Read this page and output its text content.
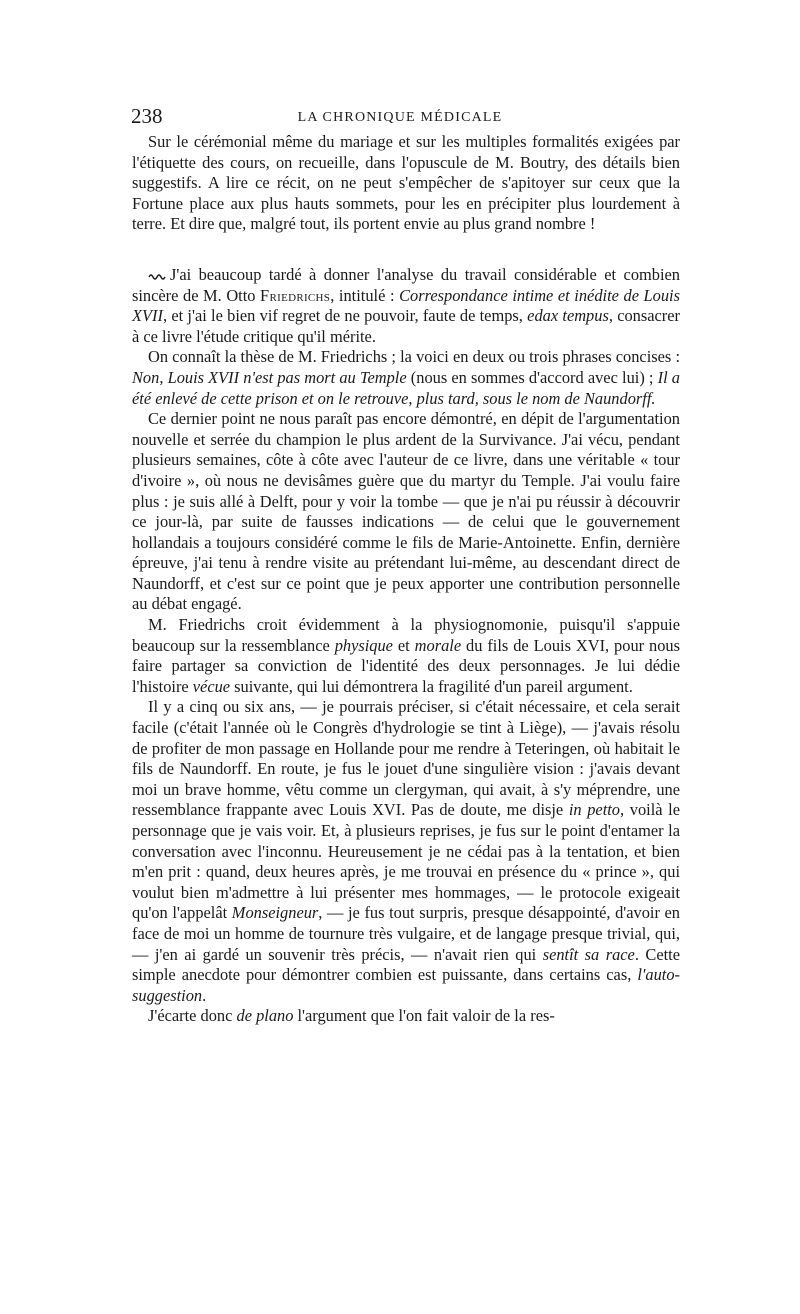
238	LA CHRONIQUE MÉDICALE

Sur le cérémonial même du mariage et sur les multiples formalités exigées par l'étiquette des cours, on recueille, dans l'opuscule de M. Boutry, des détails bien suggestifs. A lire ce récit, on ne peut s'empêcher de s'apitoyer sur ceux que la Fortune place aux plus hauts sommets, pour les en précipiter plus lourdement à terre. Et dire que, malgré tout, ils portent envie au plus grand nombre !

J'ai beaucoup tardé à donner l'analyse du travail considérable et combien sincère de M. Otto Friedrichs, intitulé : Correspondance intime et inédite de Louis XVII, et j'ai le bien vif regret de ne pouvoir, faute de temps, edax tempus, consacrer à ce livre l'étude critique qu'il mérite.

On connaît la thèse de M. Friedrichs ; la voici en deux ou trois phrases concises : Non, Louis XVII n'est pas mort au Temple (nous en sommes d'accord avec lui) ; Il a été enlevé de cette prison et on le retrouve, plus tard, sous le nom de Naundorff.

Ce dernier point ne nous paraît pas encore démontré, en dépit de l'argumentation nouvelle et serrée du champion le plus ardent de la Survivance. J'ai vécu, pendant plusieurs semaines, côte à côte avec l'auteur de ce livre, dans une véritable « tour d'ivoire », où nous ne devisâmes guère que du martyr du Temple. J'ai voulu faire plus : je suis allé à Delft, pour y voir la tombe — que je n'ai pu réussir à découvrir ce jour-là, par suite de fausses indications — de celui que le gouvernement hollandais a toujours considéré comme le fils de Marie-Antoinette. Enfin, dernière épreuve, j'ai tenu à rendre visite au prétendant lui-même, au descendant direct de Naundorff, et c'est sur ce point que je peux apporter une contribution personnelle au débat engagé.

M. Friedrichs croit évidemment à la physiognomonie, puisqu'il s'appuie beaucoup sur la ressemblance physique et morale du fils de Louis XVI, pour nous faire partager sa conviction de l'identité des deux personnages. Je lui dédie l'histoire vécue suivante, qui lui démontrera la fragilité d'un pareil argument.

Il y a cinq ou six ans, — je pourrais préciser, si c'était nécessaire, et cela serait facile (c'était l'année où le Congrès d'hydrologie se tint à Liège), — j'avais résolu de profiter de mon passage en Hollande pour me rendre à Teteringen, où habitait le fils de Naundorff. En route, je fus le jouet d'une singulière vision : j'avais devant moi un brave homme, vêtu comme un clergyman, qui avait, à s'y méprendre, une ressemblance frappante avec Louis XVI. Pas de doute, me disje in petto, voilà le personnage que je vais voir. Et, à plusieurs reprises, je fus sur le point d'entamer la conversation avec l'inconnu. Heureusement je ne cédai pas à la tentation, et bien m'en prit : quand, deux heures après, je me trouvai en présence du « prince », qui voulut bien m'admettre à lui présenter mes hommages, — le protocole exigeait qu'on l'appelât Monseigneur, — je fus tout surpris, presque désappointé, d'avoir en face de moi un homme de tournure très vulgaire, et de langage presque trivial, qui, — j'en ai gardé un souvenir très précis, — n'avait rien qui sentît sa race. Cette simple anecdote pour démontrer combien est puissante, dans certains cas, l'auto-suggestion.

J'écarte donc de plano l'argument que l'on fait valoir de la res-
